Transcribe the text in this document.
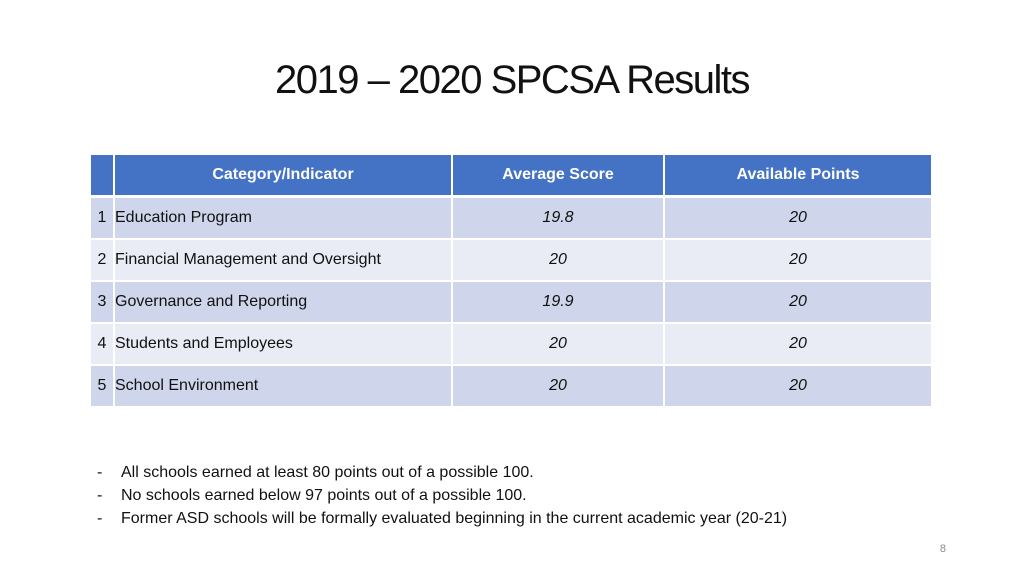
2019 – 2020 SPCSA Results
	Category/Indicator	Average Score	Available Points
1	Education Program	19.8	20
2	Financial Management and Oversight	20	20
3	Governance and Reporting	19.9	20
4	Students and Employees	20	20
5	School Environment	20	20
-	All schools earned at least 80 points out of a possible 100.
-	No schools earned below 97 points out of a possible 100.
-	Former ASD schools will be formally evaluated beginning in the current academic year (20-21)
8
